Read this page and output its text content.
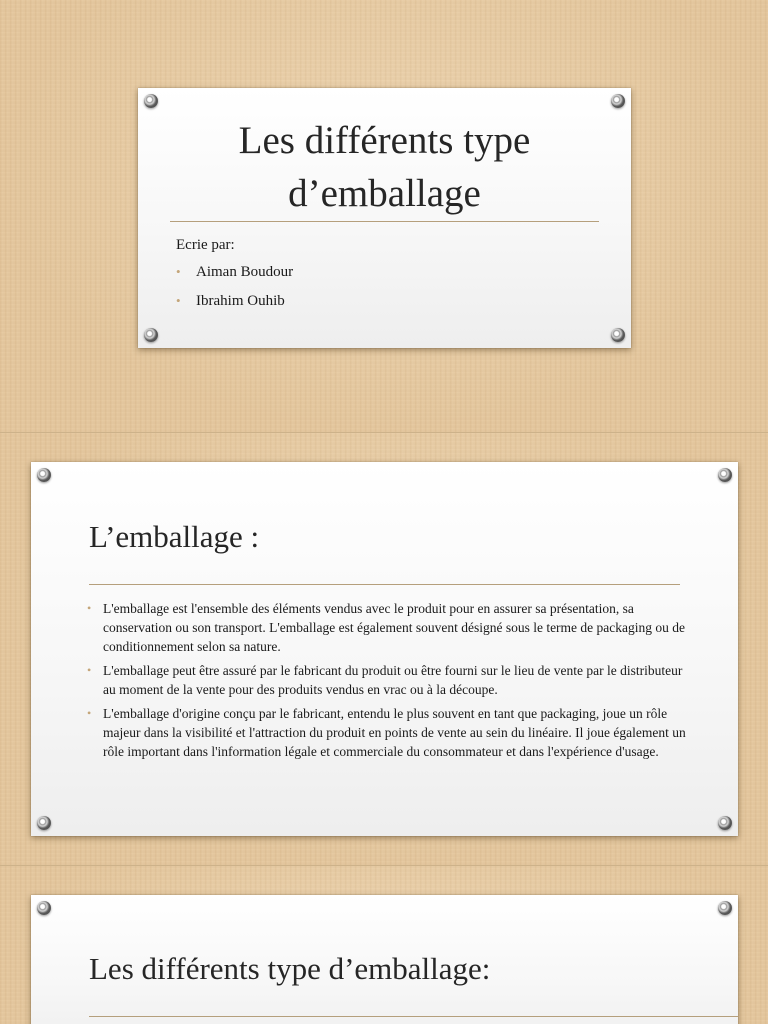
Les différents type
d’emballage
Ecrie par:
• Aiman Boudour
• Ibrahim Ouhib
L’emballage :
• L'emballage est l'ensemble des éléments vendus avec le produit pour en assurer sa présentation, sa conservation ou son transport. L'emballage est également souvent désigné sous le terme de packaging ou de conditionnement selon sa nature.
• L'emballage peut être assuré par le fabricant du produit ou être fourni sur le lieu de vente par le distributeur au moment de la vente pour des produits vendus en vrac ou à la découpe.
• L'emballage d'origine conçu par le fabricant, entendu le plus souvent en tant que packaging, joue un rôle majeur dans la visibilité et l'attraction du produit en points de vente au sein du linéaire. Il joue également un rôle important dans l'information légale et commerciale du consommateur et dans l'expérience d'usage.
Les différents type d’emballage:
